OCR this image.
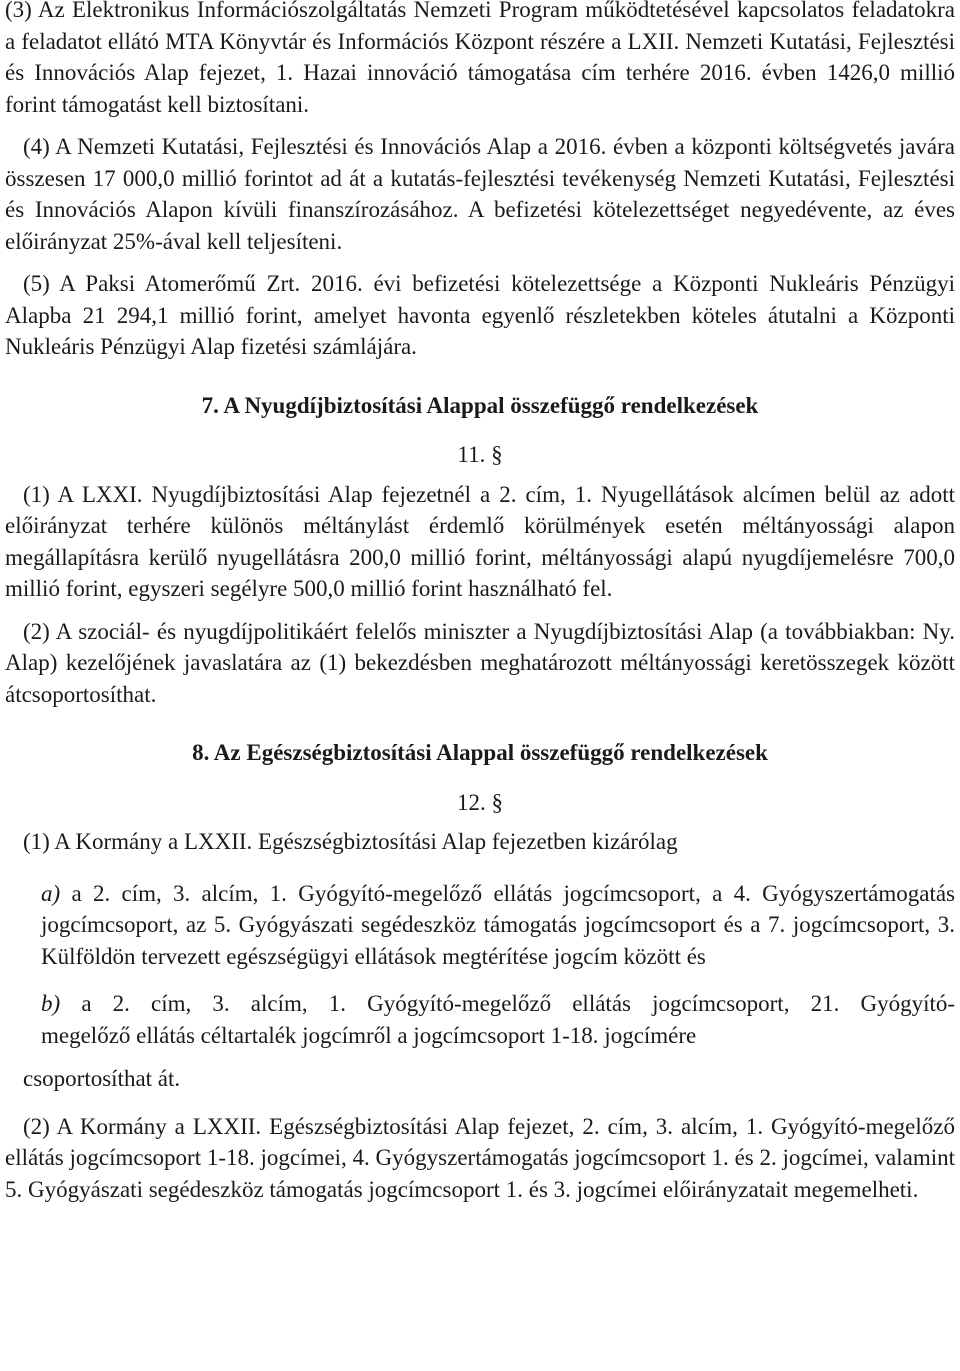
(3) Az Elektronikus Információszolgáltatás Nemzeti Program működtetésével kapcsolatos feladatokra a feladatot ellátó MTA Könyvtár és Információs Központ részére a LXII. Nemzeti Kutatási, Fejlesztési és Innovációs Alap fejezet, 1. Hazai innováció támogatása cím terhére 2016. évben 1426,0 millió forint támogatást kell biztosítani.

(4) A Nemzeti Kutatási, Fejlesztési és Innovációs Alap a 2016. évben a központi költségvetés javára összesen 17 000,0 millió forintot ad át a kutatás-fejlesztési tevékenység Nemzeti Kutatási, Fejlesztési és Innovációs Alapon kívüli finanszírozásához. A befizetési kötelezettséget negyedévente, az éves előirányzat 25%-ával kell teljesíteni.

(5) A Paksi Atomerőmű Zrt. 2016. évi befizetési kötelezettsége a Központi Nukleáris Pénzügyi Alapba 21 294,1 millió forint, amelyet havonta egyenlő részletekben köteles átutalni a Központi Nukleáris Pénzügyi Alap fizetési számlájára.

7. A Nyugdíjbiztosítási Alappal összefüggő rendelkezések

11. §

(1) A LXXI. Nyugdíjbiztosítási Alap fejezetnél a 2. cím, 1. Nyugellátások alcímen belül az adott előirányzat terhére különös méltánylást érdemlő körülmények esetén méltányossági alapon megállapításra kerülő nyugellátásra 200,0 millió forint, méltányossági alapú nyugdíjemelésre 700,0 millió forint, egyszeri segélyre 500,0 millió forint használható fel.

(2) A szociál- és nyugdíjpolitikáért felelős miniszter a Nyugdíjbiztosítási Alap (a továbbiakban: Ny. Alap) kezelőjének javaslatára az (1) bekezdésben meghatározott méltányossági keretösszegek között átcsoportosíthat.

8. Az Egészségbiztosítási Alappal összefüggő rendelkezések

12. §

(1) A Kormány a LXXII. Egészségbiztosítási Alap fejezetben kizárólag

a) a 2. cím, 3. alcím, 1. Gyógyító-megelőző ellátás jogcímcsoport, a 4. Gyógyszertámogatás jogcímcsoport, az 5. Gyógyászati segédeszköz támogatás jogcímcsoport és a 7. jogcímcsoport, 3. Külföldön tervezett egészségügyi ellátások megtérítése jogcím között és

b) a 2. cím, 3. alcím, 1. Gyógyító-megelőző ellátás jogcímcsoport, 21. Gyógyító-
megelőző ellátás céltartalék jogcímről a jogcímcsoport 1-18. jogcímére

csoportosíthat át.

(2) A Kormány a LXXII. Egészségbiztosítási Alap fejezet, 2. cím, 3. alcím, 1. Gyógyító-megelőző ellátás jogcímcsoport 1-18. jogcímei, 4. Gyógyszertámogatás jogcímcsoport 1. és 2. jogcímei, valamint 5. Gyógyászati segédeszköz támogatás jogcímcsoport 1. és 3. jogcímei előirányzatait megemelheti.
